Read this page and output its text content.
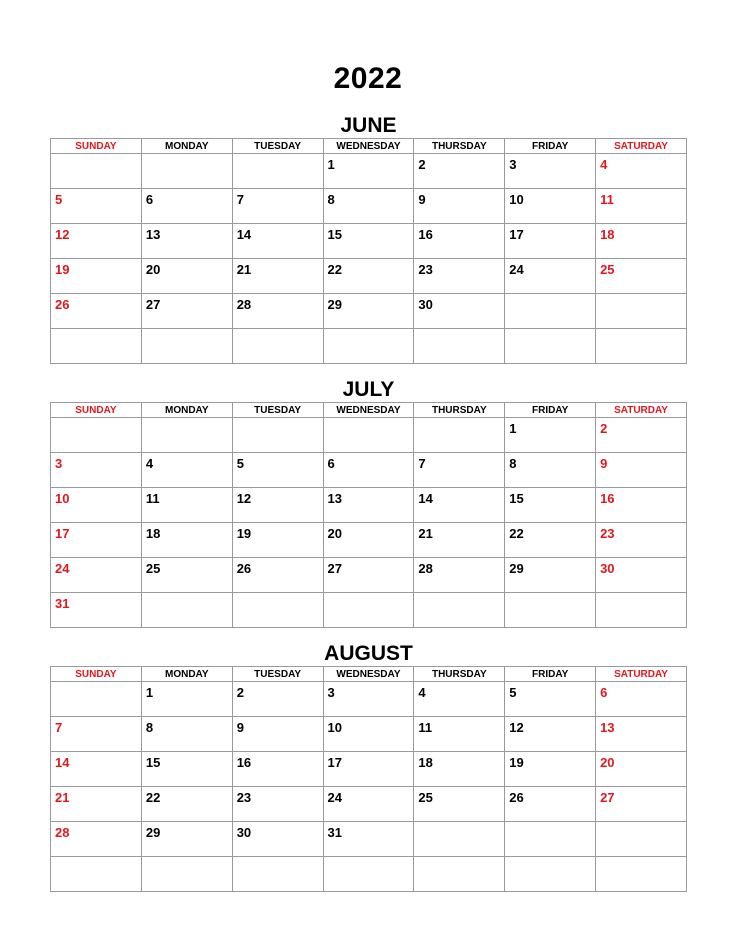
2022
JUNE
SUNDAY	MONDAY	TUESDAY	WEDNESDAY	THURSDAY	FRIDAY	SATURDAY

			1	2	3	4

5	6	7	8	9	10	11

12	13	14	15	16	17	18

19	20	21	22	23	24	25

26	27	28	29	30		

JULY
SUNDAY	MONDAY	TUESDAY	WEDNESDAY	THURSDAY	FRIDAY	SATURDAY

					1	2

3	4	5	6	7	8	9

10	11	12	13	14	15	16

17	18	19	20	21	22	23

24	25	26	27	28	29	30

31						

AUGUST
SUNDAY	MONDAY	TUESDAY	WEDNESDAY	THURSDAY	FRIDAY	SATURDAY

	1	2	3	4	5	6

7	8	9	10	11	12	13

14	15	16	17	18	19	20

21	22	23	24	25	26	27

28	29	30	31			
